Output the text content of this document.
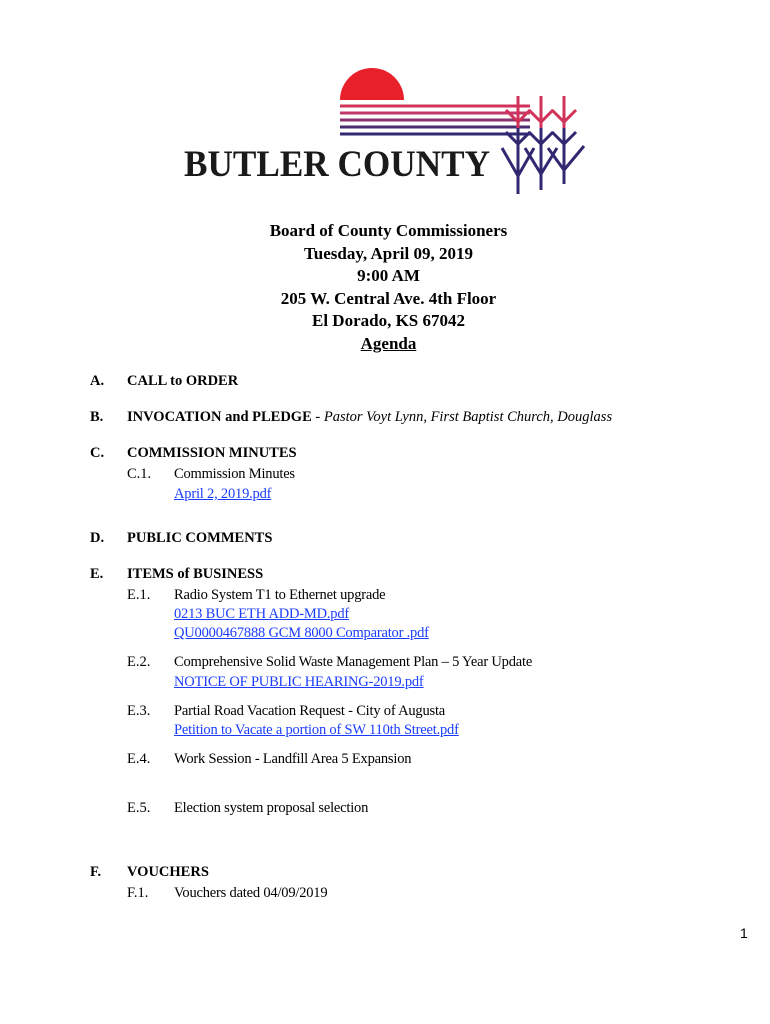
BUTLER COUNTY
Board of County Commissioners
Tuesday, April 09, 2019
9:00 AM
205 W. Central Ave. 4th Floor
El Dorado, KS 67042
Agenda
A. CALL to ORDER
B. INVOCATION and PLEDGE - Pastor Voyt Lynn, First Baptist Church, Douglass
C. COMMISSION MINUTES
C.1. Commission Minutes
April 2, 2019.pdf
D. PUBLIC COMMENTS
E. ITEMS of BUSINESS
E.1. Radio System T1 to Ethernet upgrade
0213 BUC ETH ADD-MD.pdf
QU0000467888 GCM 8000 Comparator .pdf
E.2. Comprehensive Solid Waste Management Plan – 5 Year Update
NOTICE OF PUBLIC HEARING-2019.pdf
E.3. Partial Road Vacation Request - City of Augusta
Petition to Vacate a portion of SW 110th Street.pdf
E.4. Work Session - Landfill Area 5 Expansion
E.5. Election system proposal selection
F. VOUCHERS
F.1. Vouchers dated 04/09/2019
1
